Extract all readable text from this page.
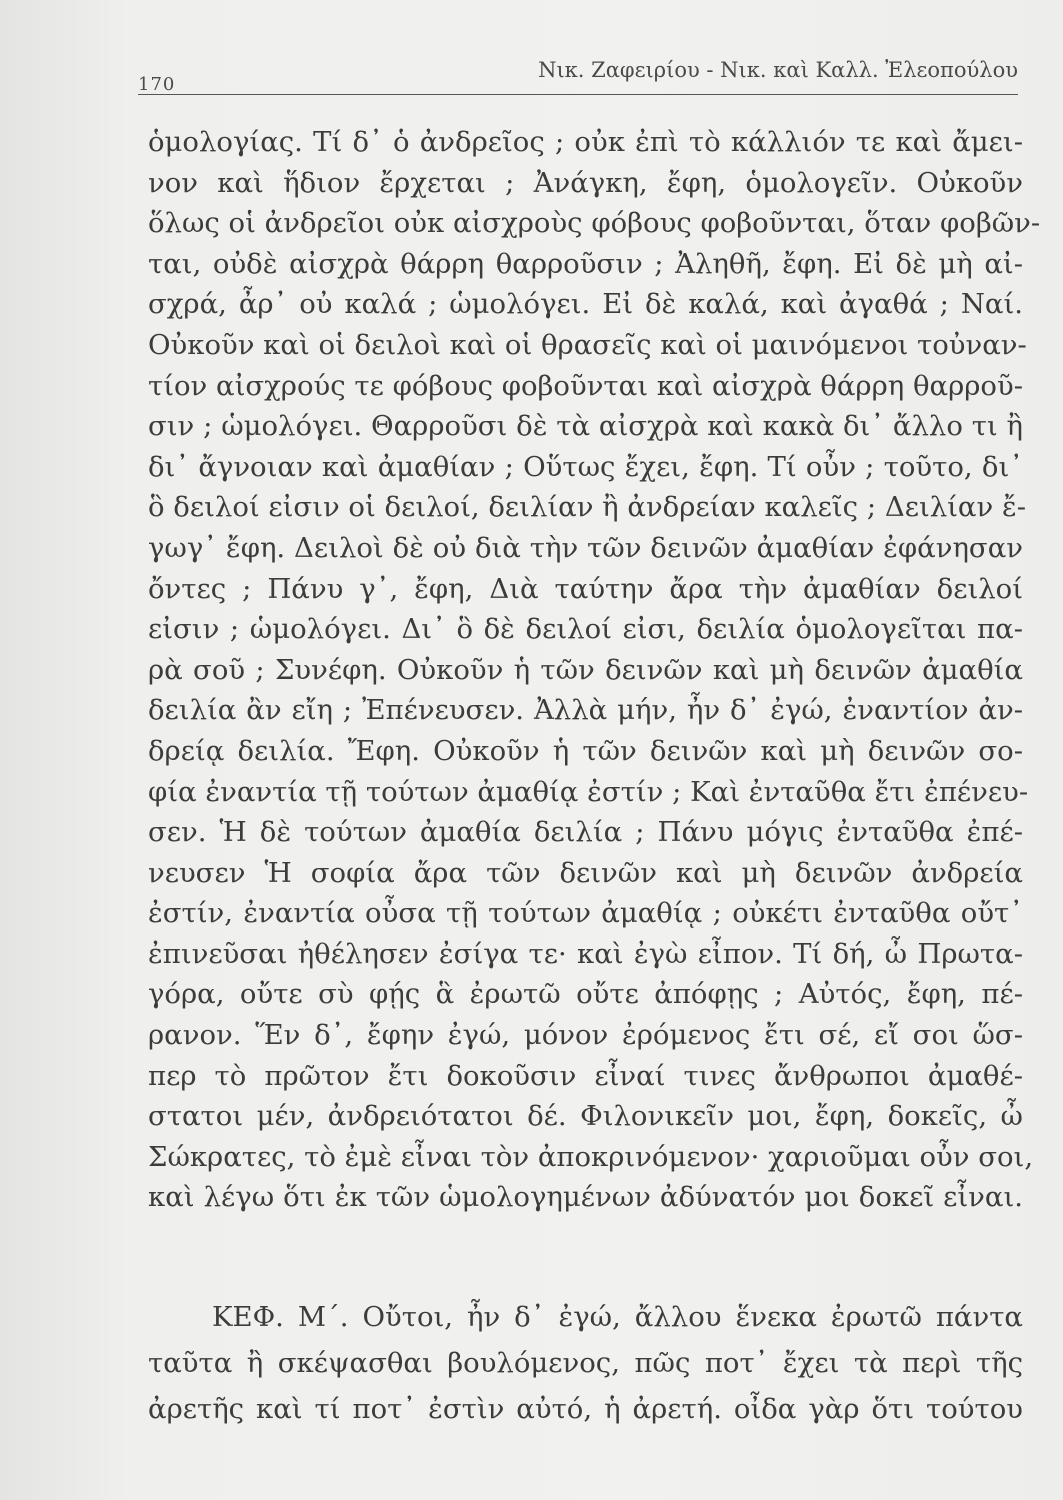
170
Νικ. Ζαφειρίου - Νικ. καὶ Καλλ. Ἐλεοπούλου
ὁμολογίας. Τί δ᾽ ὁ ἀνδρεῖος ; οὐκ ἐπὶ τὸ κάλλιόν τε καὶ ἄμει-
νον καὶ ἥδιον ἔρχεται ; Ἀνάγκη, ἔφη, ὁμολογεῖν. Οὐκοῦν
ὅλως οἱ ἀνδρεῖοι οὐκ αἰσχροὺς φόβους φοβοῦνται, ὅταν φοβῶν-
ται, οὐδὲ αἰσχρὰ θάρρη θαρροῦσιν ; Ἀληθῆ, ἔφη. Εἰ δὲ μὴ αἰ-
σχρά, ἆρ᾽ οὐ καλά ; ὡμολόγει. Εἰ δὲ καλά, καὶ ἀγαθά ; Ναί.
Οὐκοῦν καὶ οἱ δειλοὶ καὶ οἱ θρασεῖς καὶ οἱ μαινόμενοι τοὐναν-
τίον αἰσχρούς τε φόβους φοβοῦνται καὶ αἰσχρὰ θάρρη θαρροῦ-
σιν ; ὡμολόγει. Θαρροῦσι δὲ τὰ αἰσχρὰ καὶ κακὰ δι᾽ ἄλλο τι ἢ
δι᾽ ἄγνοιαν καὶ ἀμαθίαν ; Οὕτως ἔχει, ἔφη. Τί οὖν ; τοῦτο, δι᾽
ὃ δειλοί εἰσιν οἱ δειλοί, δειλίαν ἢ ἀνδρείαν καλεῖς ; Δειλίαν ἔ-
γωγ᾽ ἔφη. Δειλοὶ δὲ οὐ διὰ τὴν τῶν δεινῶν ἀμαθίαν ἐφάνησαν
ὄντες ; Πάνυ γ᾽, ἔφη, Διὰ ταύτην ἄρα τὴν ἀμαθίαν δειλοί
εἰσιν ; ὡμολόγει. Δι᾽ ὃ δὲ δειλοί εἰσι, δειλία ὁμολογεῖται πα-
ρὰ σοῦ ; Συνέφη. Οὐκοῦν ἡ τῶν δεινῶν καὶ μὴ δεινῶν ἀμαθία
δειλία ἂν εἴη ; Ἐπένευσεν. Ἀλλὰ μήν, ἦν δ᾽ ἐγώ, ἐναντίον ἀν-
δρείᾳ δειλία. Ἔφη. Οὐκοῦν ἡ τῶν δεινῶν καὶ μὴ δεινῶν σο-
φία ἐναντία τῇ τούτων ἀμαθίᾳ ἐστίν ; Καὶ ἐνταῦθα ἔτι ἐπένευ-
σεν. Ἡ δὲ τούτων ἀμαθία δειλία ; Πάνυ μόγις ἐνταῦθα ἐπέ-
νευσεν Ἡ σοφία ἄρα τῶν δεινῶν καὶ μὴ δεινῶν ἀνδρεία
ἐστίν, ἐναντία οὖσα τῇ τούτων ἀμαθίᾳ ; οὐκέτι ἐνταῦθα οὔτ᾽
ἐπινεῦσαι ἠθέλησεν ἐσίγα τε· καὶ ἐγὼ εἶπον. Τί δή, ὦ Πρωτα-
γόρα, οὔτε σὺ φῄς ἃ ἐρωτῶ οὔτε ἀπόφῃς ; Αὐτός, ἔφη, πέ-
ρανον. Ἕν δ᾽, ἔφην ἐγώ, μόνον ἐρόμενος ἔτι σέ, εἴ σοι ὥσ-
περ τὸ πρῶτον ἔτι δοκοῦσιν εἶναί τινες ἄνθρωποι ἀμαθέ-
στατοι μέν, ἀνδρειότατοι δέ. Φιλονικεῖν μοι, ἔφη, δοκεῖς, ὦ
Σώκρατες, τὸ ἐμὲ εἶναι τὸν ἀποκρινόμενον· χαριοῦμαι οὖν σοι,
καὶ λέγω ὅτι ἐκ τῶν ὡμολογημένων ἀδύνατόν μοι δοκεῖ εἶναι.
ΚΕΦ. Μ΄. Οὔτοι, ἦν δ᾽ ἐγώ, ἄλλου ἕνεκα ἐρωτῶ πάντα
ταῦτα ἢ σκέψασθαι βουλόμενος, πῶς ποτ᾽ ἔχει τὰ περὶ τῆς
ἀρετῆς καὶ τί ποτ᾽ ἐστὶν αὐτό, ἡ ἀρετή. οἶδα γὰρ ὅτι τούτου
